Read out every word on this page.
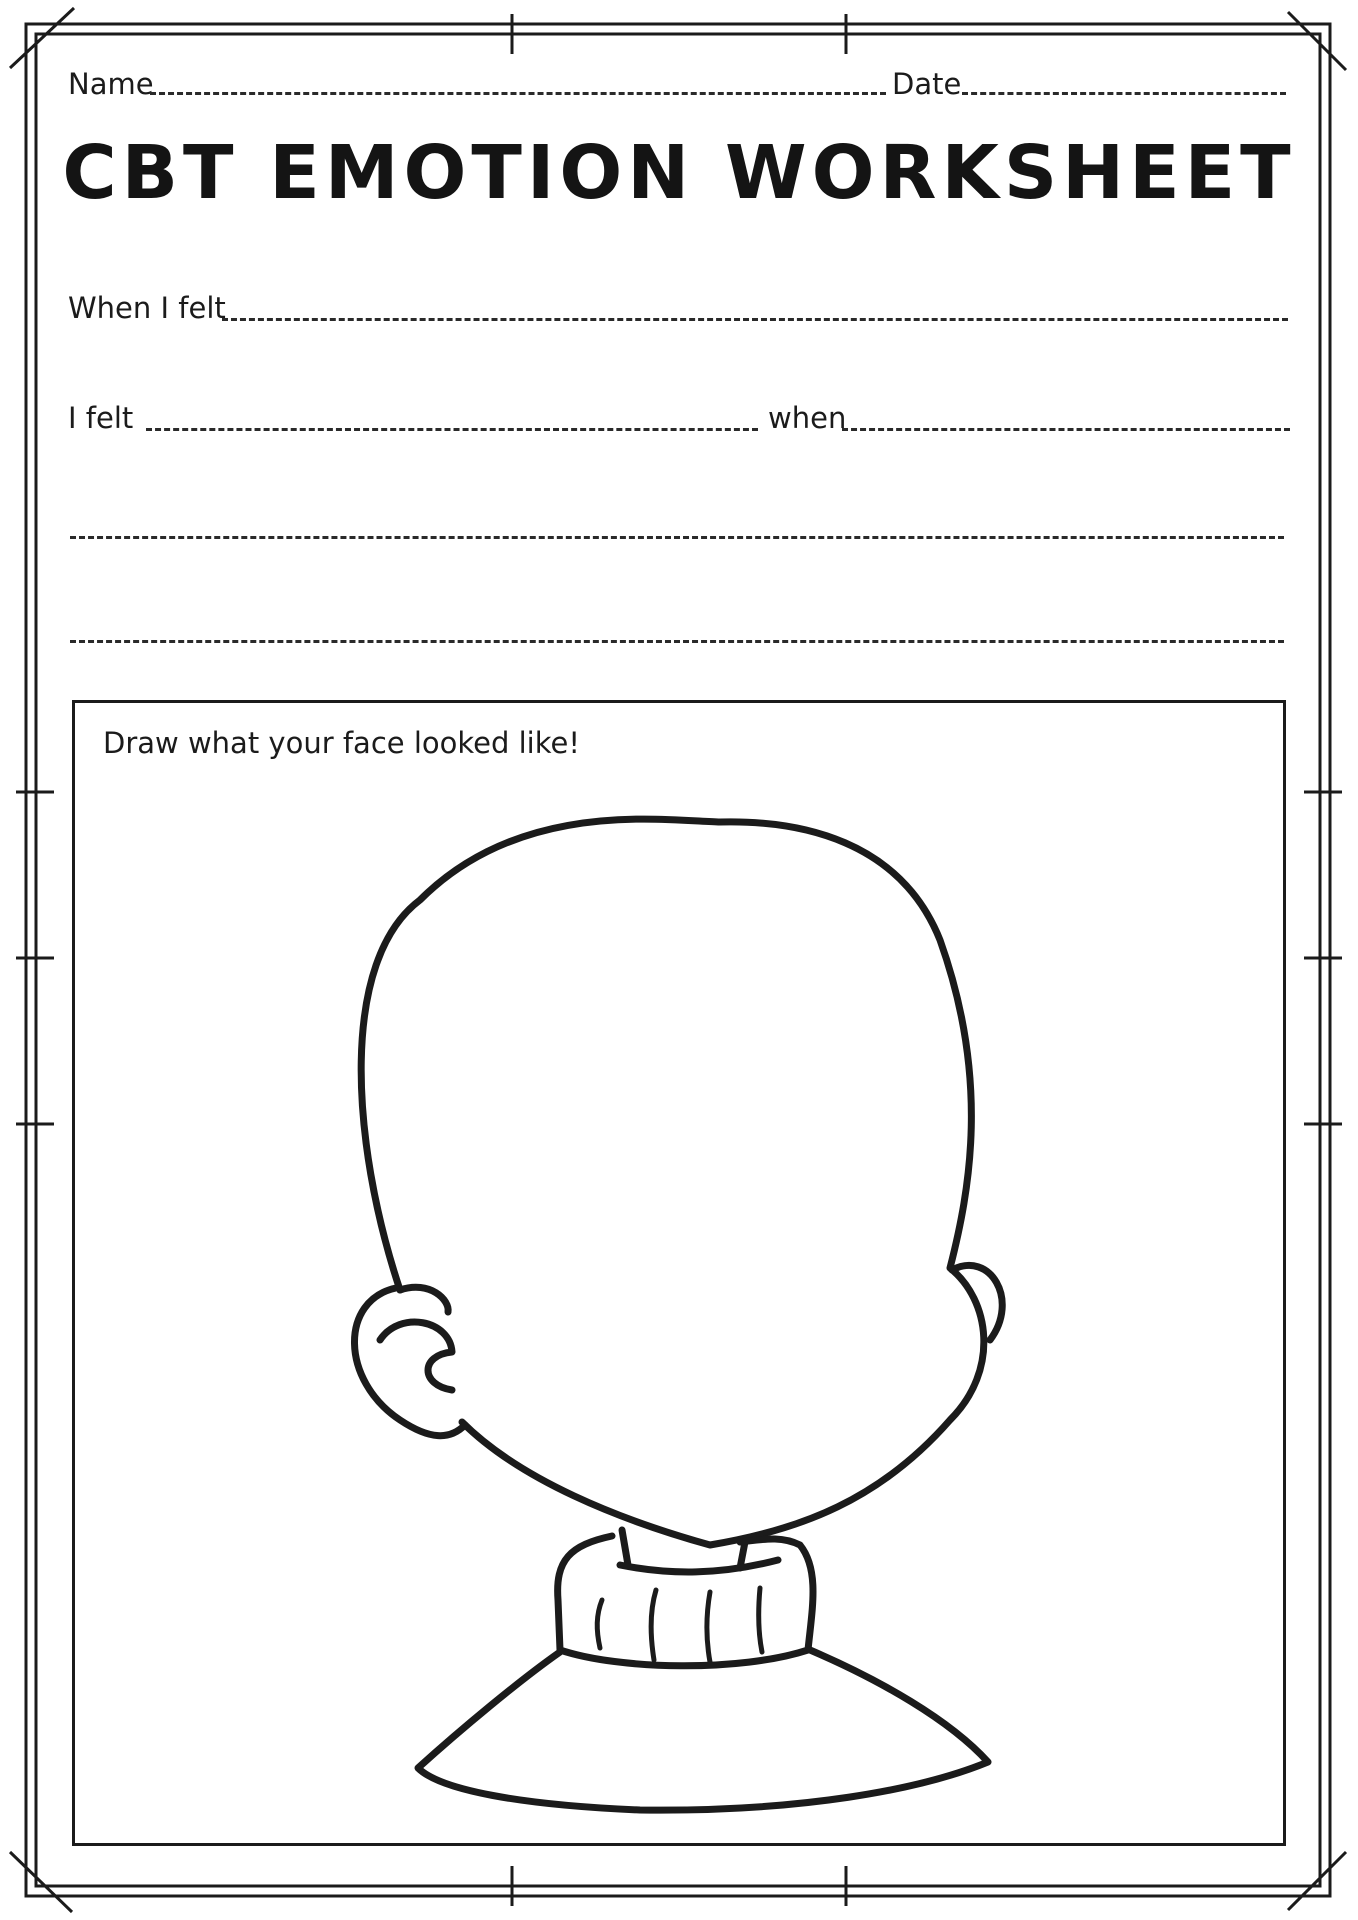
Name	Date
CBT EMOTION WORKSHEET
When I felt
I felt	when
Draw what your face looked like!
